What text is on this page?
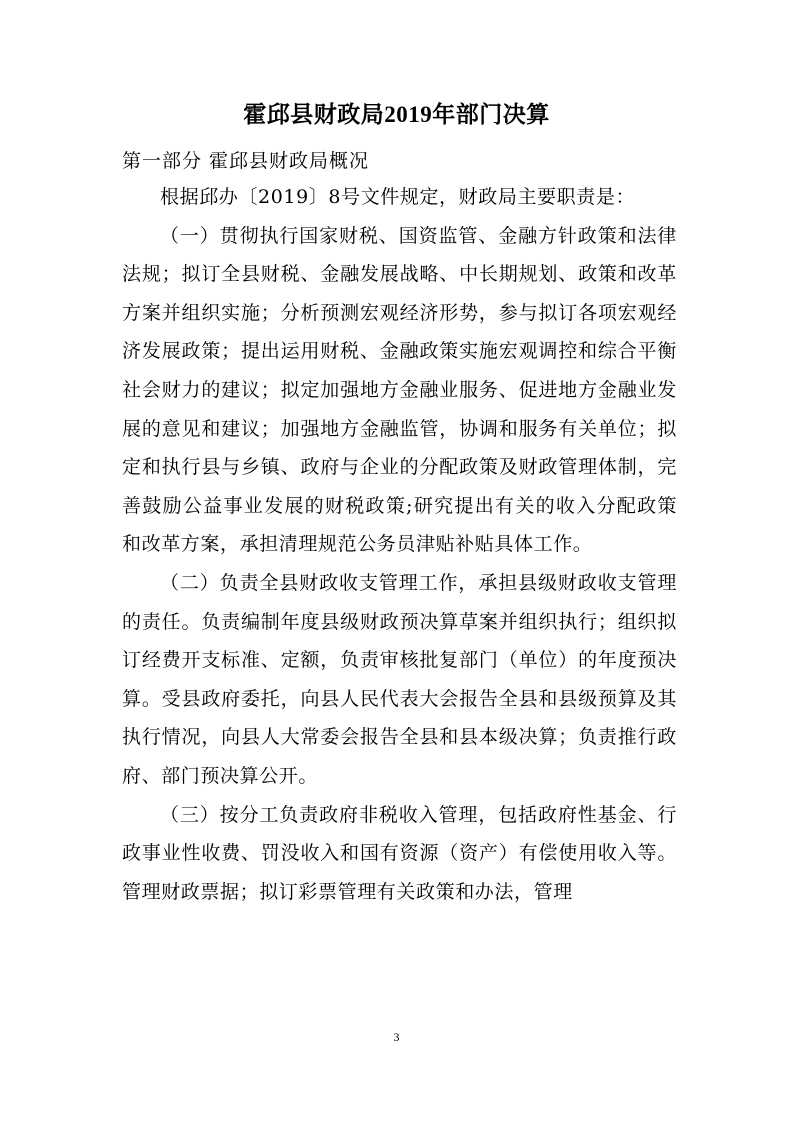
霍邱县财政局2019年部门决算
第一部分 霍邱县财政局概况

根据邱办〔2019〕8号文件规定，财政局主要职责是：

（一）贯彻执行国家财税、国资监管、金融方针政策和法律法规；拟订全县财税、金融发展战略、中长期规划、政策和改革方案并组织实施；分析预测宏观经济形势，参与拟订各项宏观经济发展政策；提出运用财税、金融政策实施宏观调控和综合平衡社会财力的建议；拟定加强地方金融业服务、促进地方金融业发展的意见和建议；加强地方金融监管，协调和服务有关单位；拟定和执行县与乡镇、政府与企业的分配政策及财政管理体制，完善鼓励公益事业发展的财税政策;研究提出有关的收入分配政策和改革方案，承担清理规范公务员津贴补贴具体工作。

（二）负责全县财政收支管理工作，承担县级财政收支管理的责任。负责编制年度县级财政预决算草案并组织执行；组织拟订经费开支标准、定额，负责审核批复部门（单位）的年度预决算。受县政府委托，向县人民代表大会报告全县和县级预算及其执行情况，向县人大常委会报告全县和县本级决算；负责推行政府、部门预决算公开。

（三）按分工负责政府非税收入管理，包括政府性基金、行政事业性收费、罚没收入和国有资源（资产）有偿使用收入等。管理财政票据；拟订彩票管理有关政策和办法，管理

3
